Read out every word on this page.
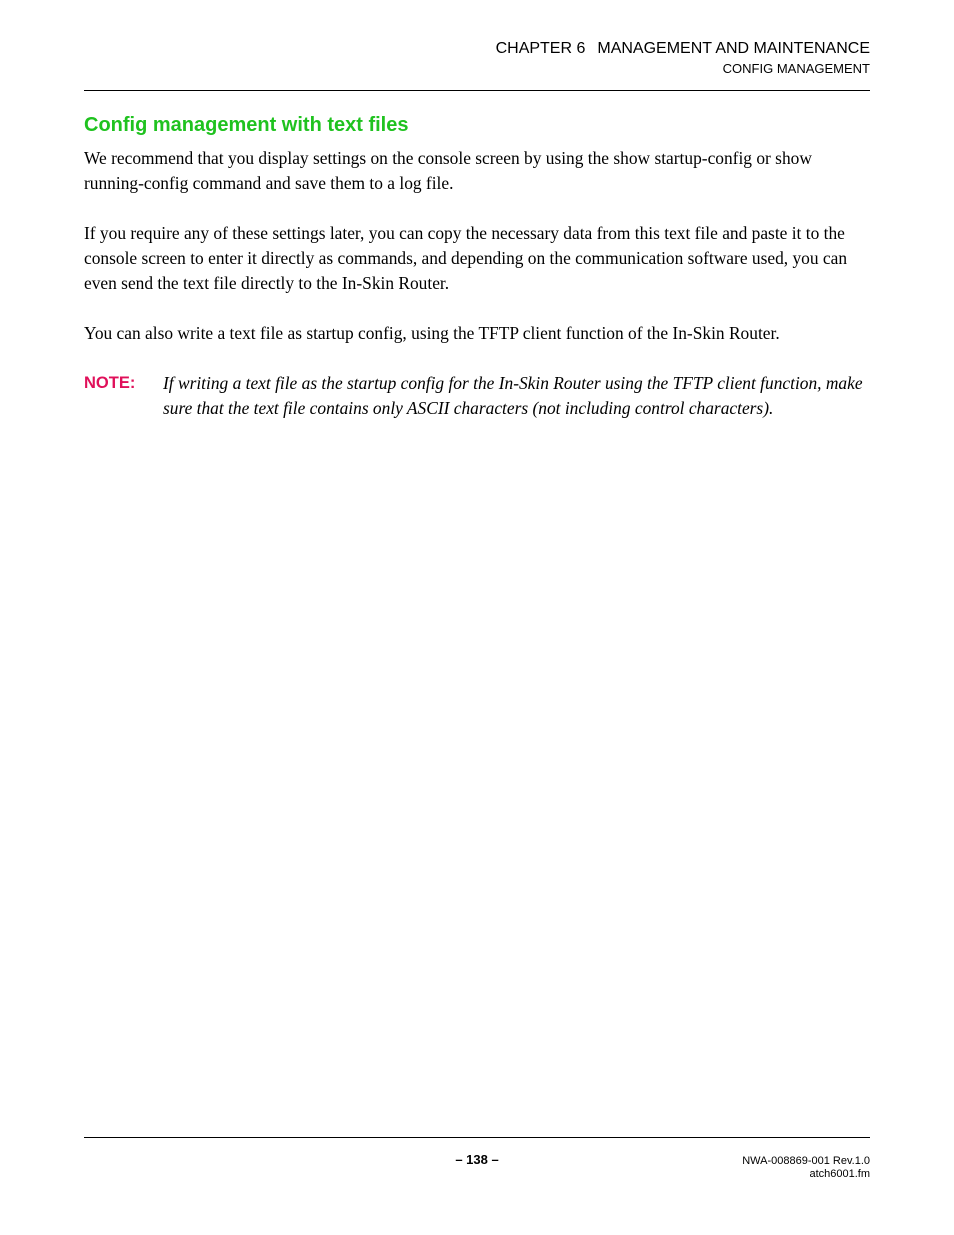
CHAPTER 6 MANAGEMENT AND MAINTENANCE
CONFIG MANAGEMENT
Config management with text files

We recommend that you display settings on the console screen by using the show startup-config or show running-config command and save them to a log file.

If you require any of these settings later, you can copy the necessary data from this text file and paste it to the console screen to enter it directly as commands, and depending on the communication software used, you can even send the text file directly to the In-Skin Router.

You can also write a text file as startup config, using the TFTP client function of the In-Skin Router.

NOTE:	If writing a text file as the startup config for the In-Skin Router using the TFTP client function, make sure that the text file contains only ASCII characters (not including control characters).
– 138 –	NWA-008869-001 Rev.1.0
atch6001.fm
